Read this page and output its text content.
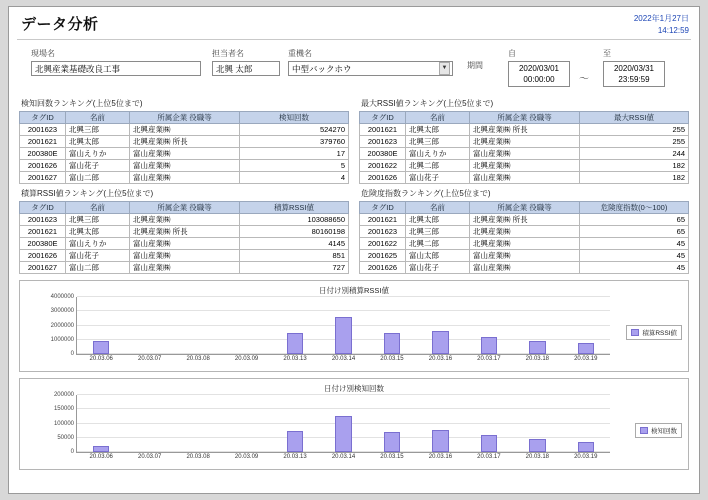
データ分析	2022年1月27日
14:12:59
現場名
北興産業基礎改良工事
担当者名
北興 太郎
重機名
中型バックホウ	▼	期間
自
2020/03/01
00:00:00	～
至
2020/03/31
23:59:59
検知回数ランキング(上位5位まで)
タグID	名前	所属企業 役職等	検知回数
2001623	北興三郎	北興産業㈱	524270
2001621	北興太郎	北興産業㈱ 所長	379760
200380E	富山えりか	富山産業㈱	17
2001626	富山花子	富山産業㈱	5
2001627	富山二郎	富山産業㈱	4
最大RSSI値ランキング(上位5位まで)
タグID	名前	所属企業 役職等	最大RSSI値
2001621	北興太郎	北興産業㈱ 所長	255
2001623	北興三郎	北興産業㈱	255
200380E	富山えりか	富山産業㈱	244
2001622	北興二郎	北興産業㈱	182
2001626	富山花子	富山産業㈱	182
積算RSSI値ランキング(上位5位まで)
タグID	名前	所属企業 役職等	積算RSSI値
2001623	北興三郎	北興産業㈱	103088650
2001621	北興太郎	北興産業㈱ 所長	80160198
200380E	富山えりか	富山産業㈱	4145
2001626	富山花子	富山産業㈱	851
2001627	富山二郎	富山産業㈱	727
危険度指数ランキング(上位5位まで)
タグID	名前	所属企業 役職等	危険度指数(0～100)
2001621	北興太郎	北興産業㈱ 所長	65
2001623	北興三郎	北興産業㈱	65
2001622	北興二郎	北興産業㈱	45
2001625	富山太郎	富山産業㈱	45
2001626	富山花子	富山産業㈱	45
日付け別積算RSSI値
0
1000000
2000000
3000000
4000000
20.03.06	20.03.07	20.03.08	20.03.09	20.03.13	20.03.14	20.03.15	20.03.16	20.03.17	20.03.18	20.03.19
積算RSSI値
日付け別検知回数
0
50000
100000
150000
200000
20.03.06	20.03.07	20.03.08	20.03.09	20.03.13	20.03.14	20.03.15	20.03.16	20.03.17	20.03.18	20.03.19
検知回数
